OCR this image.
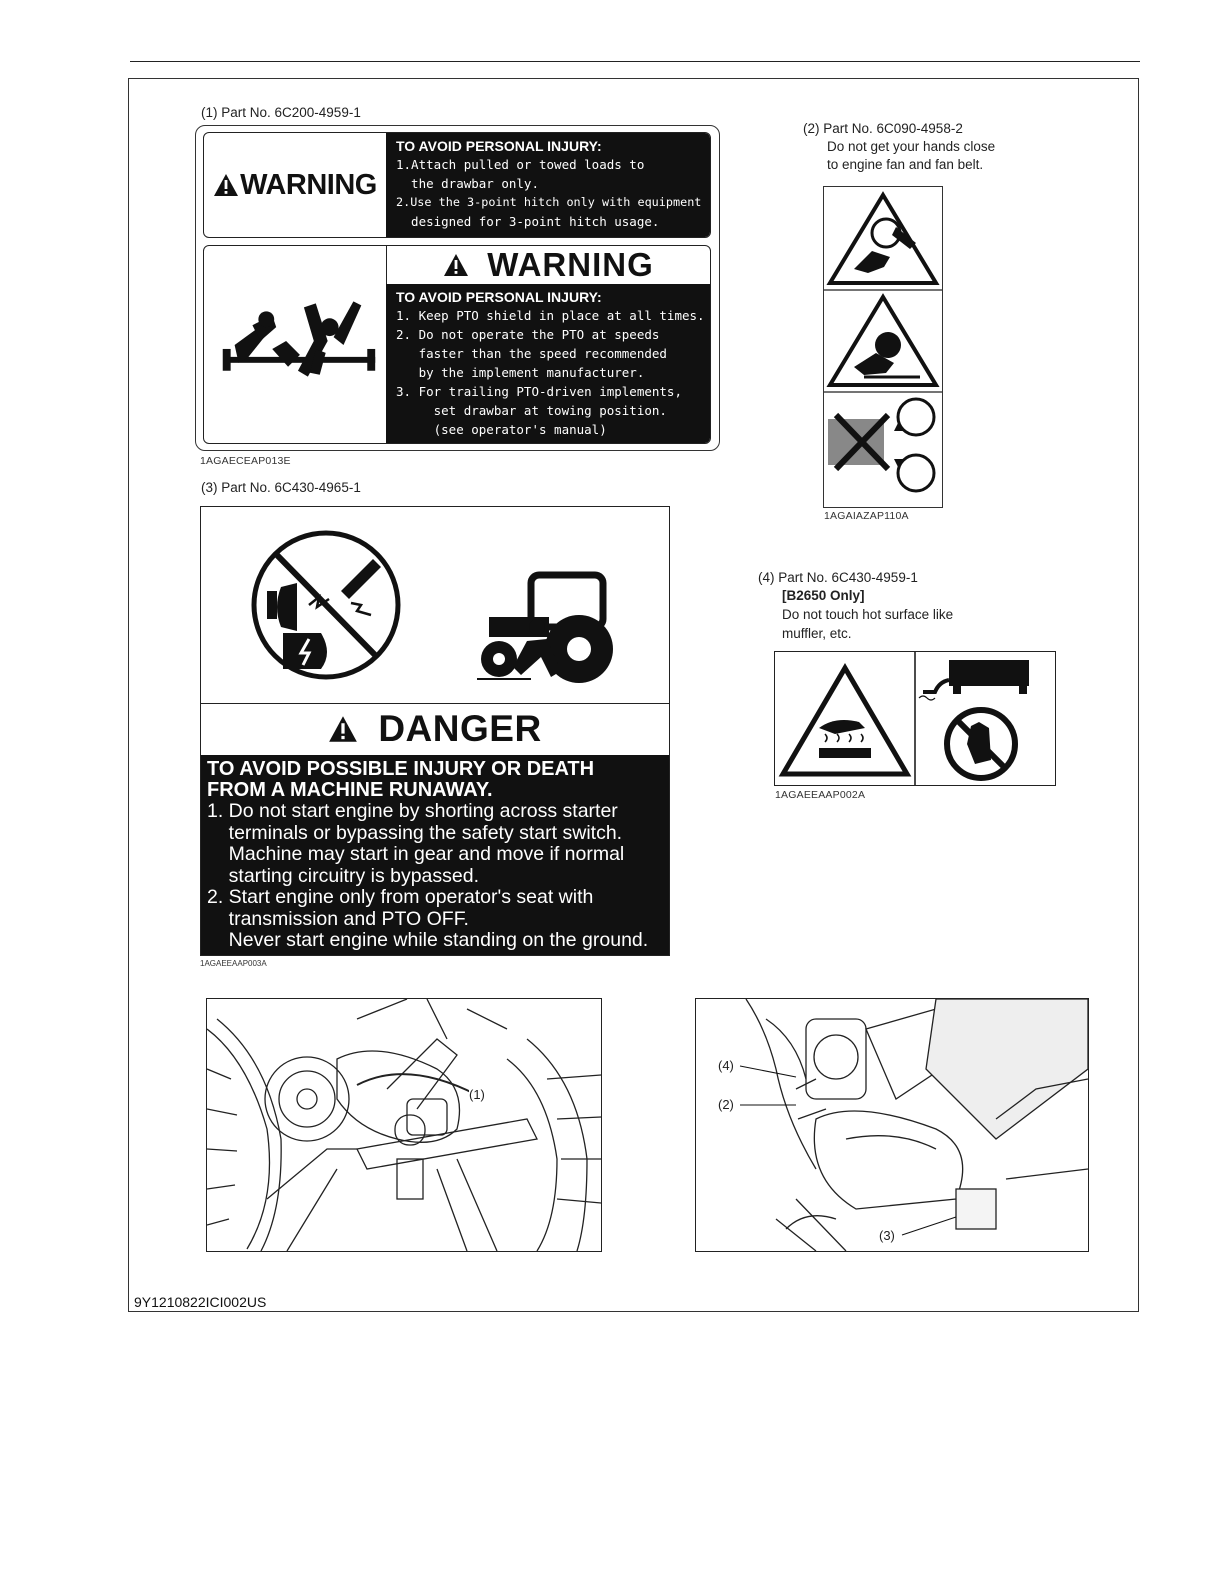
(1) Part No. 6C200-4959-1
WARNING
TO AVOID PERSONAL INJURY:
1.Attach pulled or towed loads to
the drawbar only.
2.Use the 3-point hitch only with equipment
designed for 3-point hitch usage.
WARNING
TO AVOID PERSONAL INJURY:
1. Keep PTO shield in place at all times.
2. Do not operate the PTO at speeds
faster than the speed recommended
by the implement manufacturer.
3. For trailing PTO-driven implements,
set drawbar at towing position.
(see operator's manual)
1AGAECEAP013E
(2) Part No. 6C090-4958-2
Do not get your hands close
to engine fan and fan belt.
1AGAIAZAP110A
(3) Part No. 6C430-4965-1
DANGER
TO AVOID POSSIBLE INJURY OR DEATH
FROM A MACHINE RUNAWAY.
1. Do not start engine by shorting across starter
terminals or bypassing the safety start switch.
Machine may start in gear and move if normal
starting circuitry is bypassed.
2. Start engine only from operator's seat with
transmission and PTO OFF.
Never start engine while standing on the ground.
1AGAEEAAP003A
(4) Part No. 6C430-4959-1
[B2650 Only]
Do not touch hot surface like
muffler, etc.
1AGAEEAAP002A
(1)
(4)
(2)
(3)
9Y1210822ICI002US
